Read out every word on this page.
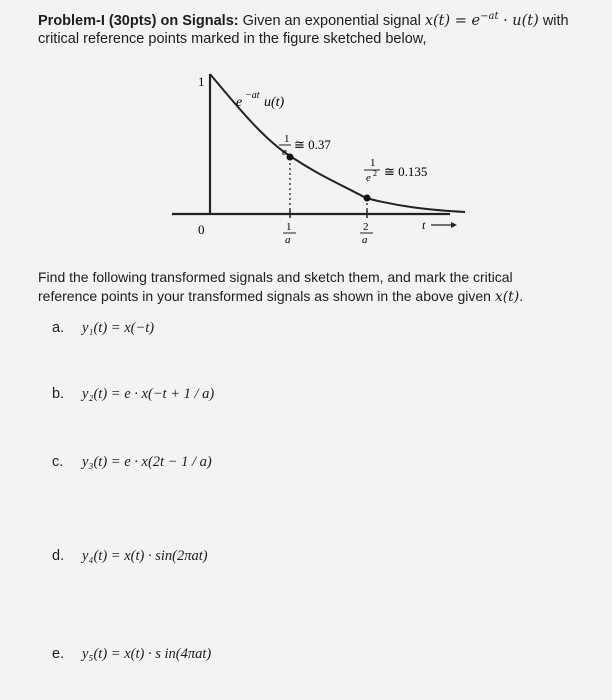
Problem-I (30pts) on Signals: Given an exponential signal $x(t) = e^{-at} \cdot u(t)$ with
critical reference points marked in the figure sketched below,
1
0
e −at u(t)
1
e ≅ 0.37
1
e 2 ≅ 0.135
1
a
2
a
t
Find the following transformed signals and sketch them, and mark the critical
reference points in your transformed signals as shown in the above given x(t).
a.	y₁(t) = x(−t)
b.	y₂(t) = e · x(−t + 1 / a)
c.	y₃(t) = e · x(2t − 1 / a)
d.	y₄(t) = x(t) · sin(2πat)
e.	y₅(t) = x(t) · s in(4πat)
